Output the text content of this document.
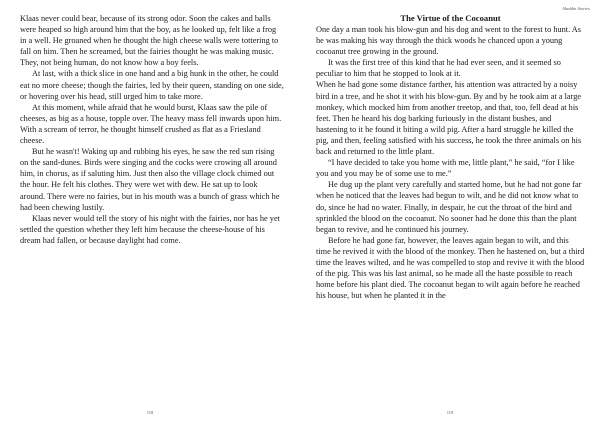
Klaas never could bear, because of its strong odor. Soon the cakes and balls were heaped so high around him that the boy, as he looked up, felt like a frog in a well. He groaned when he thought the high cheese walls were tottering to fall on him. Then he screamed, but the fairies thought he was making music. They, not being human, do not know how a boy feels.

At last, with a thick slice in one hand and a big hunk in the other, he could eat no more cheese; though the fairies, led by their queen, standing on one side, or hovering over his head, still urged him to take more.

At this moment, while afraid that he would burst, Klaas saw the pile of cheeses, as big as a house, topple over. The heavy mass fell inwards upon him. With a scream of terror, he thought himself crushed as flat as a Friesland cheese.

But he wasn't! Waking up and rubbing his eyes, he saw the red sun rising on the sand-dunes. Birds were singing and the cocks were crowing all around him, in chorus, as if saluting him. Just then also the village clock chimed out the hour. He felt his clothes. They were wet with dew. He sat up to look around. There were no fairies, but in his mouth was a bunch of grass which he had been chewing lustily.

Klaas never would tell the story of his night with the fairies, nor has he yet settled the question whether they left him because the cheese-house of his dream had fallen, or because daylight had come.

118
Aladdin Stories
The Virtue of the Cocoanut

One day a man took his blow-gun and his dog and went to the forest to hunt. As he was making his way through the thick woods he chanced upon a young cocoanut tree growing in the ground.

It was the first tree of this kind that he had ever seen, and it seemed so peculiar to him that he stopped to look at it.

When he had gone some distance farther, his attention was attracted by a noisy bird in a tree, and he shot it with his blow-gun. By and by he took aim at a large monkey, which mocked him from another treetop, and that, too, fell dead at his feet. Then he heard his dog barking furiously in the distant bushes, and hastening to it he found it biting a wild pig. After a hard struggle he killed the pig, and then, feeling satisfied with his success, he took the three animals on his back and returned to the little plant.

“I have decided to take you home with me, little plant,” he said, “for I like you and you may be of some use to me.”

He dug up the plant very carefully and started home, but he had not gone far when he noticed that the leaves had begun to wilt, and he did not know what to do, since he had no water. Finally, in despair, he cut the throat of the bird and sprinkled the blood on the cocoanut. No sooner had he done this than the plant began to revive, and he continued his journey.

Before he had gone far, however, the leaves again began to wilt, and this time he revived it with the blood of the monkey. Then he hastened on, but a third time the leaves wilted, and he was compelled to stop and revive it with the blood of the pig. This was his last animal, so he made all the haste possible to reach home before his plant died. The cocoanut began to wilt again before he reached his house, but when he planted it in the

119
